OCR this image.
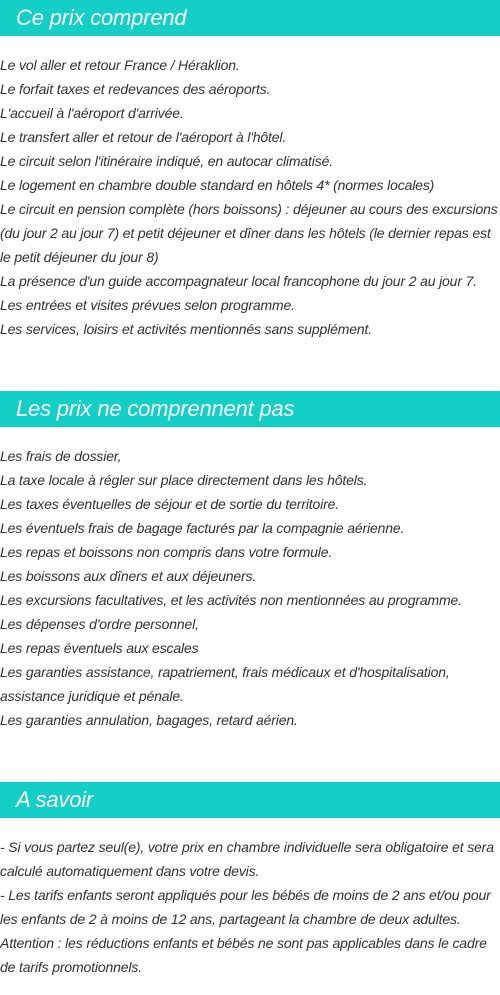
Ce prix comprend
Le vol aller et retour France / Héraklion.
Le forfait taxes et redevances des aéroports.
L'accueil à l'aéroport d'arrivée.
Le transfert aller et retour de l'aéroport à l'hôtel.
Le circuit selon l'itinéraire indiqué, en autocar climatisé.
Le logement en chambre double standard en hôtels 4* (normes locales)
Le circuit en pension complète (hors boissons) : déjeuner au cours des excursions (du jour 2 au jour 7) et petit déjeuner et dîner dans les hôtels (le dernier repas est le petit déjeuner du jour 8)
La présence d'un guide accompagnateur local francophone du jour 2 au jour 7.
Les entrées et visites prévues selon programme.
Les services, loisirs et activités mentionnés sans supplément.
Les prix ne comprennent pas
Les frais de dossier,
La taxe locale à régler sur place directement dans les hôtels.
Les taxes éventuelles de séjour et de sortie du territoire.
Les éventuels frais de bagage facturés par la compagnie aérienne.
Les repas et boissons non compris dans votre formule.
Les boissons aux dîners et aux déjeuners.
Les excursions facultatives, et les activités non mentionnées au programme.
Les dépenses d'ordre personnel,
Les repas éventuels aux escales
Les garanties assistance, rapatriement, frais médicaux et d'hospitalisation, assistance juridique et pénale.
Les garanties annulation, bagages, retard aérien.
A savoir
- Si vous partez seul(e), votre prix en chambre individuelle sera obligatoire et sera calculé automatiquement dans votre devis.
- Les tarifs enfants seront appliqués pour les bébés de moins de 2 ans et/ou pour les enfants de 2 à moins de 12 ans, partageant la chambre de deux adultes.
Attention : les réductions enfants et bébés ne sont pas applicables dans le cadre de tarifs promotionnels.
